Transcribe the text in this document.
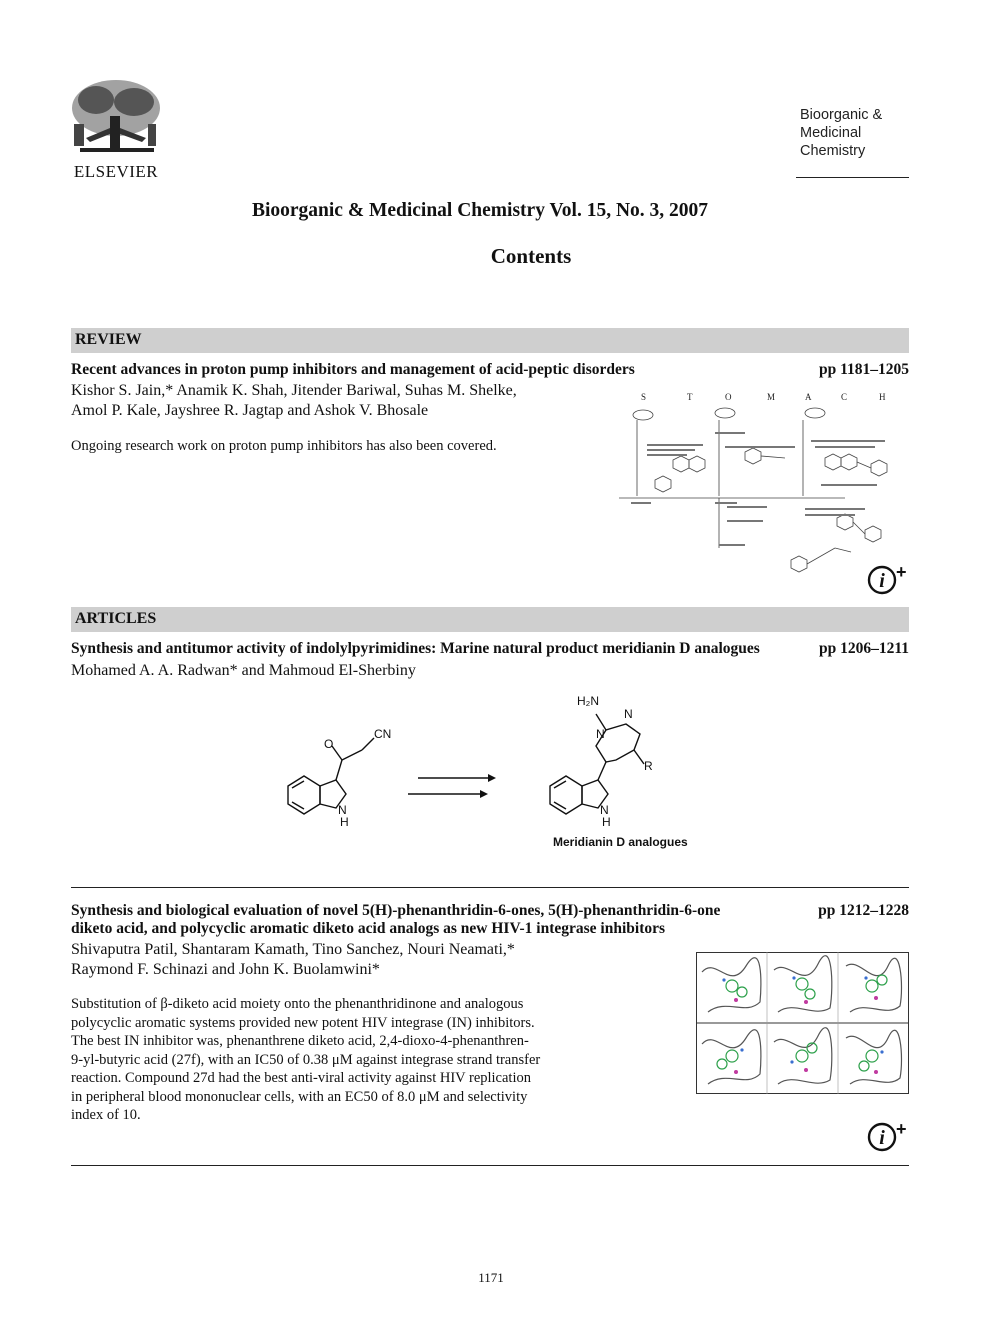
ELSEVIER
Bioorganic &
Medicinal
Chemistry
Bioorganic & Medicinal Chemistry Vol. 15, No. 3, 2007
Contents
REVIEW
Recent advances in proton pump inhibitors and management of acid-peptic disorders	pp 1181–1205
Kishor S. Jain,* Anamik K. Shah, Jitender Bariwal, Suhas M. Shelke,
Amol P. Kale, Jayshree R. Jagtap and Ashok V. Bhosale
Ongoing research work on proton pump inhibitors has also been covered.
S	T	O	M	A	C	H
i +
ARTICLES
Synthesis and antitumor activity of indolylpyrimidines: Marine natural product meridianin D analogues	pp 1206–1211
Mohamed A. A. Radwan* and Mahmoud El-Sherbiny
O
CN
N
H
H₂N
N
N
R
N
H
Meridianin D analogues
Synthesis and biological evaluation of novel 5(H)-phenanthridin-6-ones, 5(H)-phenanthridin-6-one
diketo acid, and polycyclic aromatic diketo acid analogs as new HIV-1 integrase inhibitors
pp 1212–1228
Shivaputra Patil, Shantaram Kamath, Tino Sanchez, Nouri Neamati,*
Raymond F. Schinazi and John K. Buolamwini*
Substitution of β-diketo acid moiety onto the phenanthridinone and analogous
polycyclic aromatic systems provided new potent HIV integrase (IN) inhibitors.
The best IN inhibitor was, phenanthrene diketo acid, 2,4-dioxo-4-phenanthren-
9-yl-butyric acid (27f), with an IC50 of 0.38 μM against integrase strand transfer
reaction. Compound 27d had the best anti-viral activity against HIV replication
in peripheral blood mononuclear cells, with an EC50 of 8.0 μM and selectivity
index of 10.
i +
1171
